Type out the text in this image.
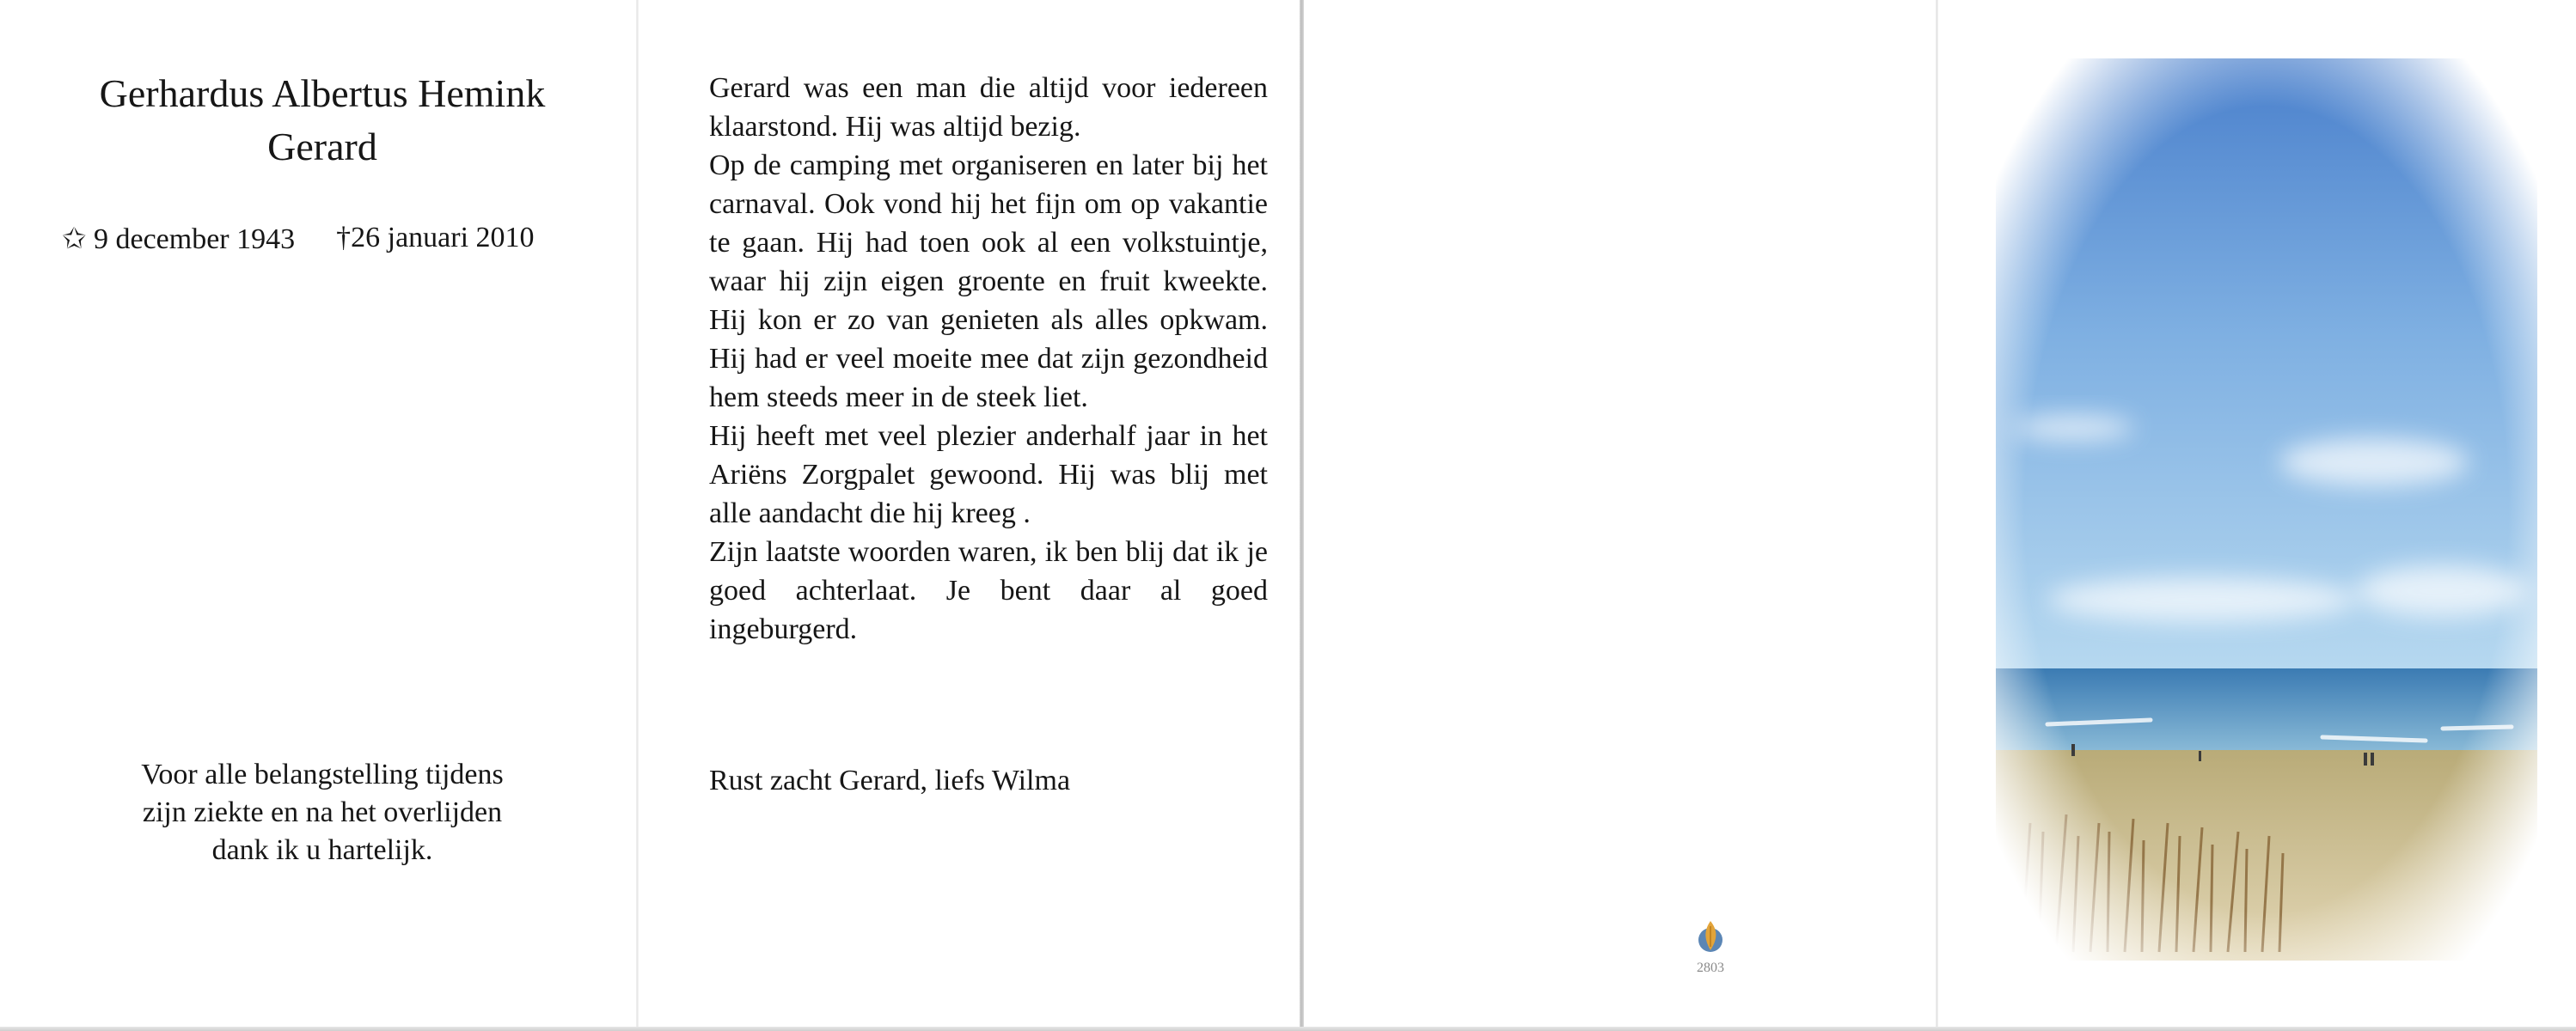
Gerhardus Albertus Hemink
Gerard
✩ 9 december 1943 †26 januari 2010
Voor alle belangstelling tijdens
zijn ziekte en na het overlijden
dank ik u hartelijk.

Gerard was een man die altijd voor iedereen klaarstond. Hij was altijd bezig.

Op de camping met organiseren en later bij het carnaval. Ook vond hij het fijn om op vakantie te gaan. Hij had toen ook al een volkstuintje, waar hij zijn eigen groente en fruit kweekte. Hij kon er zo van genieten als alles opkwam. Hij had er veel moeite mee dat zijn gezondheid hem steeds meer in de steek liet.

Hij heeft met veel plezier anderhalf jaar in het Ariëns Zorgpalet gewoond. Hij was blij met alle aandacht die hij kreeg .

Zijn laatste woorden waren, ik ben blij dat ik je goed achterlaat. Je bent daar al goed ingeburgerd.

Rust zacht Gerard, liefs Wilma
2803
